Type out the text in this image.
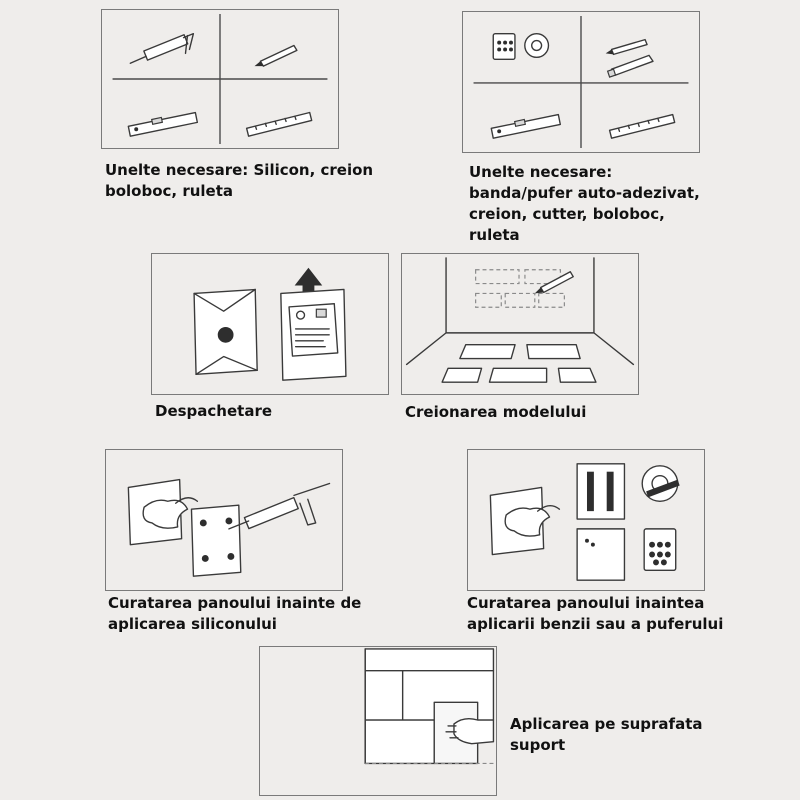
Unelte necesare: Silicon, creion
boloboc, ruleta
Unelte necesare:
banda/pufer auto-adezivat,
creion, cutter, boloboc,
ruleta
Despachetare	Creionarea modelului
Curatarea panoului inainte de
aplicarea siliconului
Curatarea panoului inaintea
aplicarii benzii sau a puferului
Aplicarea pe suprafata
suport
